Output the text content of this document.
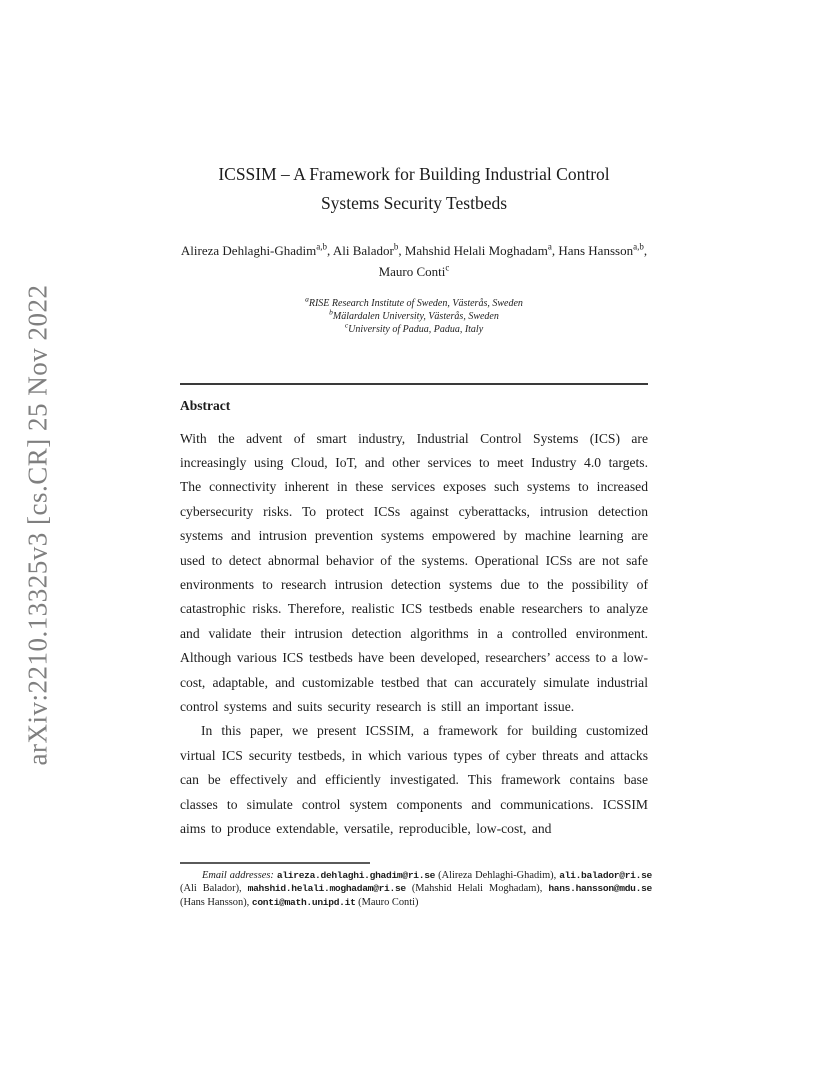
arXiv:2210.13325v3 [cs.CR] 25 Nov 2022
ICSSIM – A Framework for Building Industrial Control
Systems Security Testbeds
Alireza Dehlaghi-Ghadim$^{a,b}$, Ali Balador$^b$, Mahshid Helali Moghadam$^a$, Hans Hansson$^{a,b}$, Mauro Conti$^c$
$^a$RISE Research Institute of Sweden, Västerås, Sweden
$^b$Mälardalen University, Västerås, Sweden
$^c$University of Padua, Padua, Italy

Abstract

With the advent of smart industry, Industrial Control Systems (ICS) are increasingly using Cloud, IoT, and other services to meet Industry 4.0 targets. The connectivity inherent in these services exposes such systems to increased cybersecurity risks. To protect ICSs against cyberattacks, intrusion detection systems and intrusion prevention systems empowered by machine learning are used to detect abnormal behavior of the systems. Operational ICSs are not safe environments to research intrusion detection systems due to the possibility of catastrophic risks. Therefore, realistic ICS testbeds enable researchers to analyze and validate their intrusion detection algorithms in a controlled environment. Although various ICS testbeds have been developed, researchers’ access to a low-cost, adaptable, and customizable testbed that can accurately simulate industrial control systems and suits security research is still an important issue.

In this paper, we present ICSSIM, a framework for building customized virtual ICS security testbeds, in which various types of cyber threats and attacks can be effectively and efficiently investigated. This framework contains base classes to simulate control system components and communications. ICSSIM aims to produce extendable, versatile, reproducible, low-cost, and

Email addresses: alireza.dehlaghi.ghadim@ri.se (Alireza Dehlaghi-Ghadim), ali.balador@ri.se (Ali Balador), mahshid.helali.moghadam@ri.se (Mahshid Helali Moghadam), hans.hansson@mdu.se (Hans Hansson), conti@math.unipd.it (Mauro Conti)
